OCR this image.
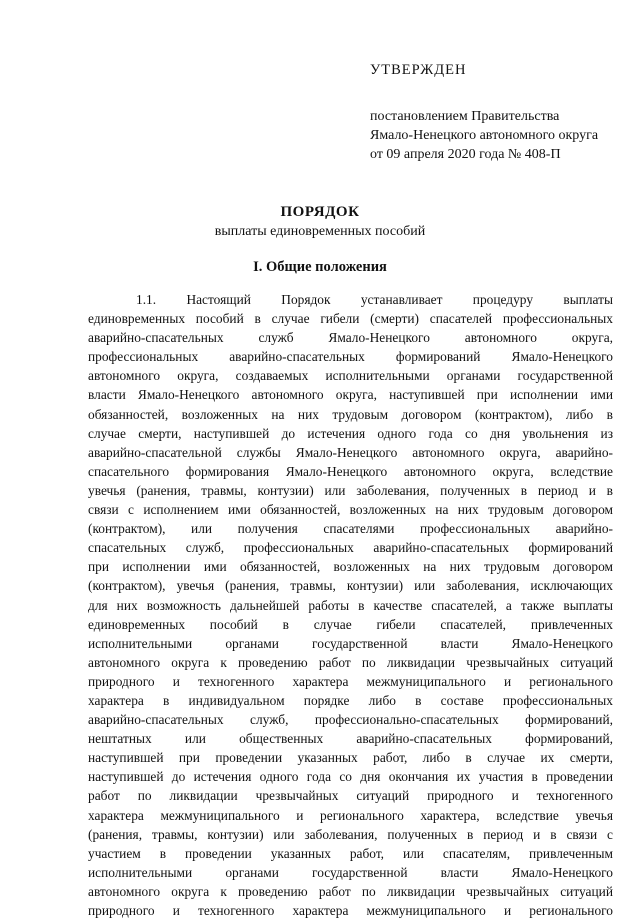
УТВЕРЖДЕН

постановлением Правительства

Ямало-Ненецкого автономного округа

от 09 апреля 2020 года № 408-П

ПОРЯДОК
выплаты единовременных пособий
I. Общие положения
1.1. Настоящий Порядок устанавливает процедуру выплаты
единовременных пособий в случае гибели (смерти) спасателей профессиональных
аварийно-спасательных служб Ямало-Ненецкого автономного округа,
профессиональных аварийно-спасательных формирований Ямало-Ненецкого
автономного округа, создаваемых исполнительными органами государственной
власти Ямало-Ненецкого автономного округа, наступившей при исполнении ими
обязанностей, возложенных на них трудовым договором (контрактом), либо в
случае смерти, наступившей до истечения одного года со дня увольнения из
аварийно-спасательной службы Ямало-Ненецкого автономного округа, аварийно-
спасательного формирования Ямало-Ненецкого автономного округа, вследствие
увечья (ранения, травмы, контузии) или заболевания, полученных в период и в
связи с исполнением ими обязанностей, возложенных на них трудовым договором
(контрактом), или получения спасателями профессиональных аварийно-
спасательных служб, профессиональных аварийно-спасательных формирований
при исполнении ими обязанностей, возложенных на них трудовым договором
(контрактом), увечья (ранения, травмы, контузии) или заболевания, исключающих
для них возможность дальнейшей работы в качестве спасателей, а также выплаты
единовременных пособий в случае гибели спасателей, привлеченных
исполнительными органами государственной власти Ямало-Ненецкого
автономного округа к проведению работ по ликвидации чрезвычайных ситуаций
природного и техногенного характера межмуниципального и регионального
характера в индивидуальном порядке либо в составе профессиональных
аварийно-спасательных служб, профессионально-спасательных формирований,
нештатных или общественных аварийно-спасательных формирований,
наступившей при проведении указанных работ, либо в случае их смерти,
наступившей до истечения одного года со дня окончания их участия в проведении
работ по ликвидации чрезвычайных ситуаций природного и техногенного
характера межмуниципального и регионального характера, вследствие увечья
(ранения, травмы, контузии) или заболевания, полученных в период и в связи с
участием в проведении указанных работ, или спасателям, привлеченным
исполнительными органами государственной власти Ямало-Ненецкого
автономного округа к проведению работ по ликвидации чрезвычайных ситуаций
природного и техногенного характера межмуниципального и регионального
